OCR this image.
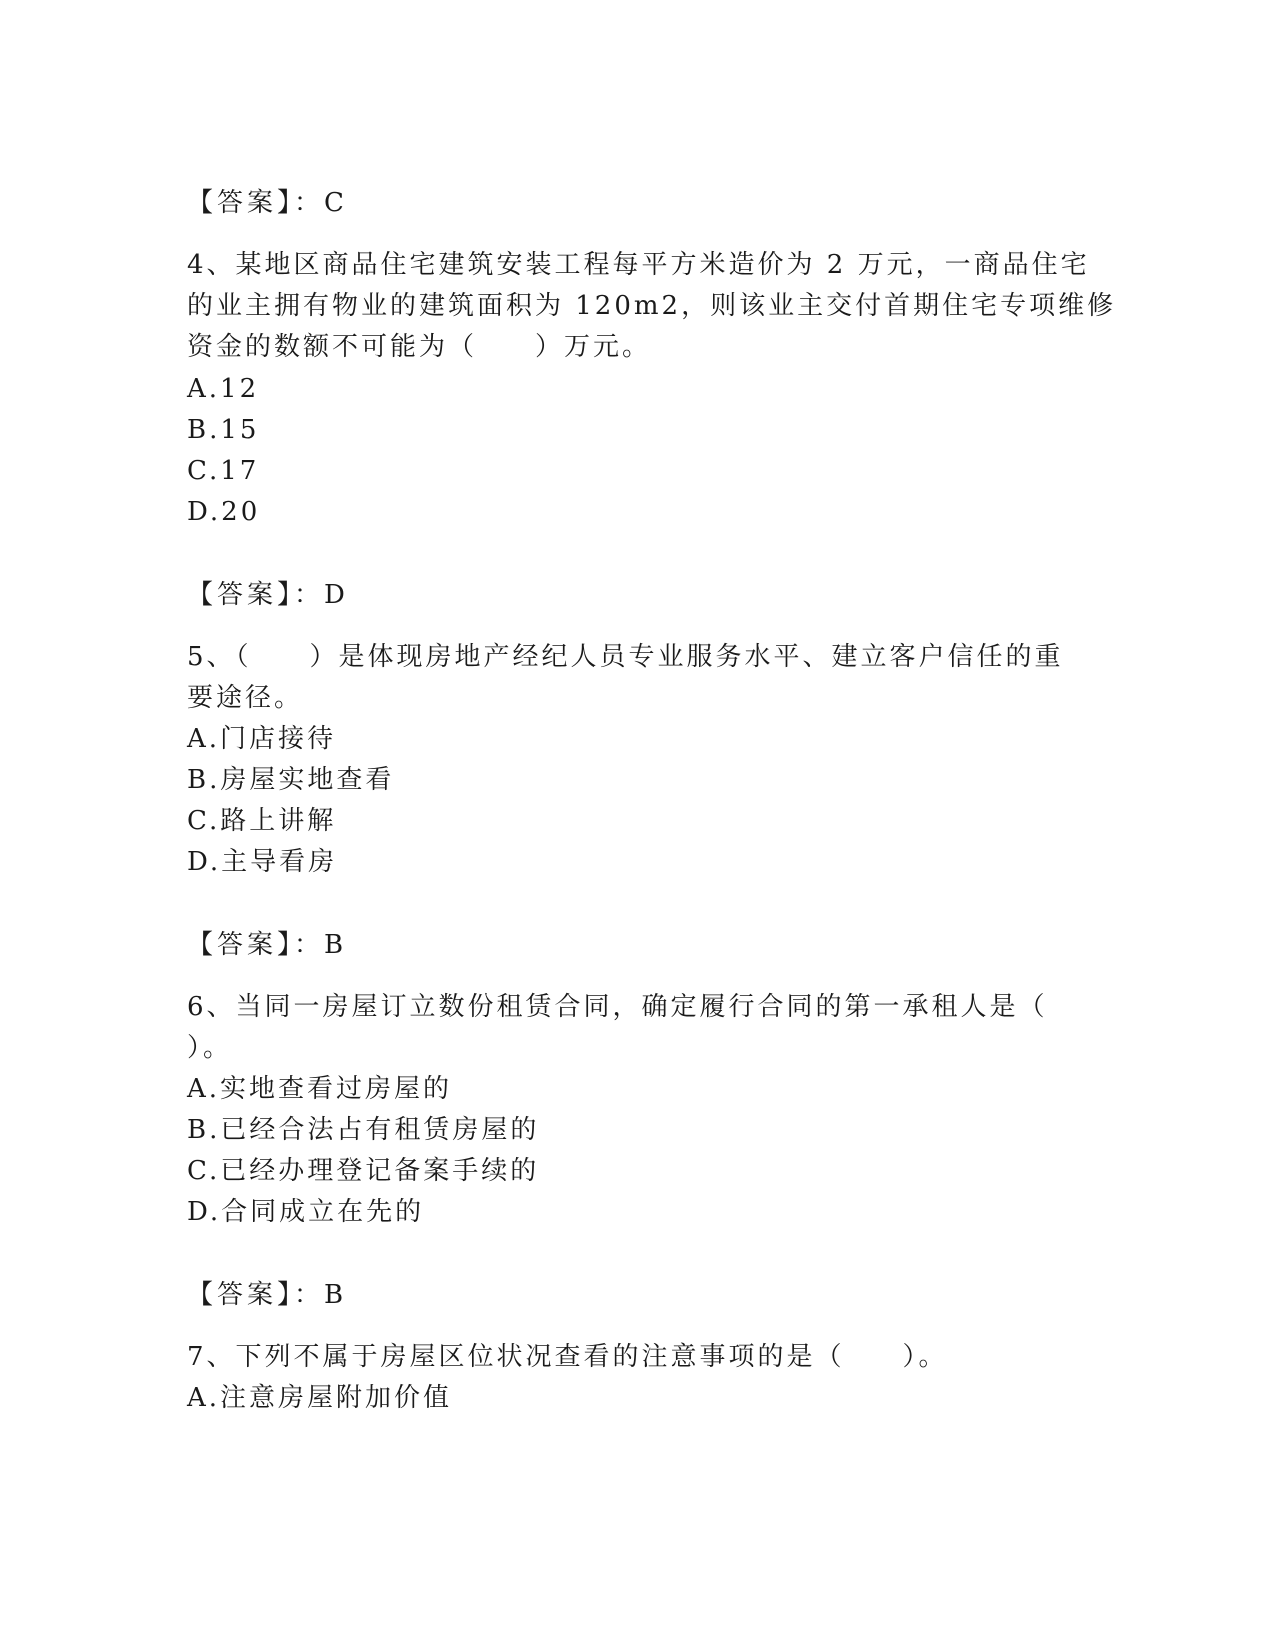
【答案】：C
4、某地区商品住宅建筑安装工程每平方米造价为 2 万元，一商品住宅
的业主拥有物业的建筑面积为 120m2，则该业主交付首期住宅专项维修
资金的数额不可能为（　　）万元。
A.12
B.15
C.17
D.20
【答案】：D
5、（　　）是体现房地产经纪人员专业服务水平、建立客户信任的重
要途径。
A.门店接待
B.房屋实地查看
C.路上讲解
D.主导看房
【答案】：B
6、当同一房屋订立数份租赁合同，确定履行合同的第一承租人是（
）。
A.实地查看过房屋的
B.已经合法占有租赁房屋的
C.已经办理登记备案手续的
D.合同成立在先的
【答案】：B
7、下列不属于房屋区位状况查看的注意事项的是（　　）。
A.注意房屋附加价值
